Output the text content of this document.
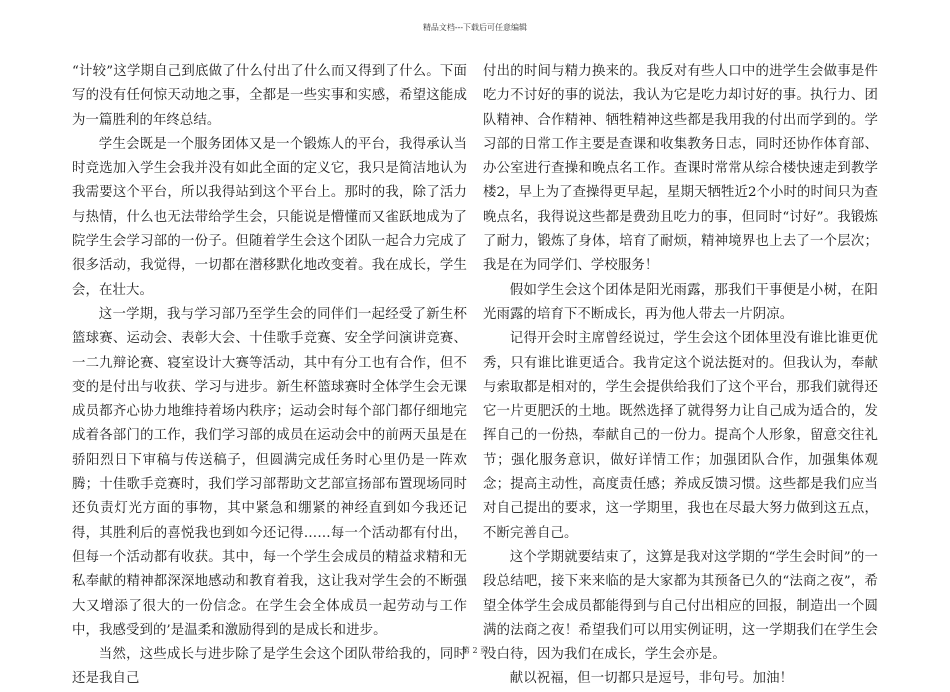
精品文档---下载后可任意编辑

“计较”这学期自己到底做了什么付出了什么而又得到了什么。下面写的没有任何惊天动地之事，全都是一些实事和实感，希望这能成为一篇胜利的年终总结。

学生会既是一个服务团体又是一个锻炼人的平台，我得承认当时竞选加入学生会我并没有如此全面的定义它，我只是简洁地认为我需要这个平台，所以我得站到这个平台上。那时的我，除了活力与热情，什么也无法带给学生会，只能说是懵懂而又雀跃地成为了院学生会学习部的一份子。但随着学生会这个团队一起合力完成了很多活动，我觉得，一切都在潜移默化地改变着。我在成长，学生会，在壮大。

这一学期，我与学习部乃至学生会的同伴们一起经受了新生杯篮球赛、运动会、表彰大会、十佳歌手竞赛、安全学问演讲竞赛、一二九辩论赛、寝室设计大赛等活动，其中有分工也有合作，但不变的是付出与收获、学习与进步。新生杯篮球赛时全体学生会无课成员都齐心协力地维持着场内秩序；运动会时每个部门都仔细地完成着各部门的工作，我们学习部的成员在运动会中的前两天虽是在骄阳烈日下审稿与传送稿子，但圆满完成任务时心里仍是一阵欢腾；十佳歌手竞赛时，我们学习部帮助文艺部宣扬部布置现场同时还负责灯光方面的事物，其中紧急和绷紧的神经直到如今我还记得，其胜利后的喜悦我也到如今还记得……每一个活动都有付出，但每一个活动都有收获。其中，每一个学生会成员的精益求精和无私奉献的精神都深深地感动和教育着我，这让我对学生会的不断强大又增添了很大的一份信念。在学生会全体成员一起劳动与工作中，我感受到的’是温柔和激励得到的是成长和进步。

当然，这些成长与进步除了是学生会这个团队带给我的，同时还是我自己

付出的时间与精力换来的。我反对有些人口中的进学生会做事是件吃力不讨好的事的说法，我认为它是吃力却讨好的事。执行力、团队精神、合作精神、牺牲精神这些都是我用我的付出而学到的。学习部的日常工作主要是查课和收集教务日志，同时还协作体育部、办公室进行查操和晚点名工作。查课时常常从综合楼快速走到教学楼2，早上为了查操得更早起，星期天牺牲近2个小时的时间只为查晚点名，我得说这些都是费劲且吃力的事，但同时“讨好”。我锻炼了耐力，锻炼了身体，培育了耐烦，精神境界也上去了一个层次；我是在为同学们、学校服务！

假如学生会这个团体是阳光雨露，那我们干事便是小树，在阳光雨露的培育下不断成长，再为他人带去一片阴凉。

记得开会时主席曾经说过，学生会这个团体里没有谁比谁更优秀，只有谁比谁更适合。我肯定这个说法挺对的。但我认为，奉献与索取都是相对的，学生会提供给我们了这个平台，那我们就得还它一片更肥沃的土地。既然选择了就得努力让自己成为适合的，发挥自己的一份热，奉献自己的一份力。提高个人形象，留意交往礼节；强化服务意识，做好详情工作；加强团队合作，加强集体观念；提高主动性，高度责任感；养成反馈习惯。这些都是我们应当对自己提出的要求，这一学期里，我也在尽最大努力做到这五点，不断完善自己。

这个学期就要结束了，这算是我对这学期的“学生会时间”的一段总结吧，接下来来临的是大家都为其预备已久的“法商之夜”，希望全体学生会成员都能得到与自己付出相应的回报，制造出一个圆满的法商之夜！希望我们可以用实例证明，这一学期我们在学生会没白待，因为我们在成长，学生会亦是。

献以祝福，但一切都只是逗号，非句号。加油！

第 2 页
